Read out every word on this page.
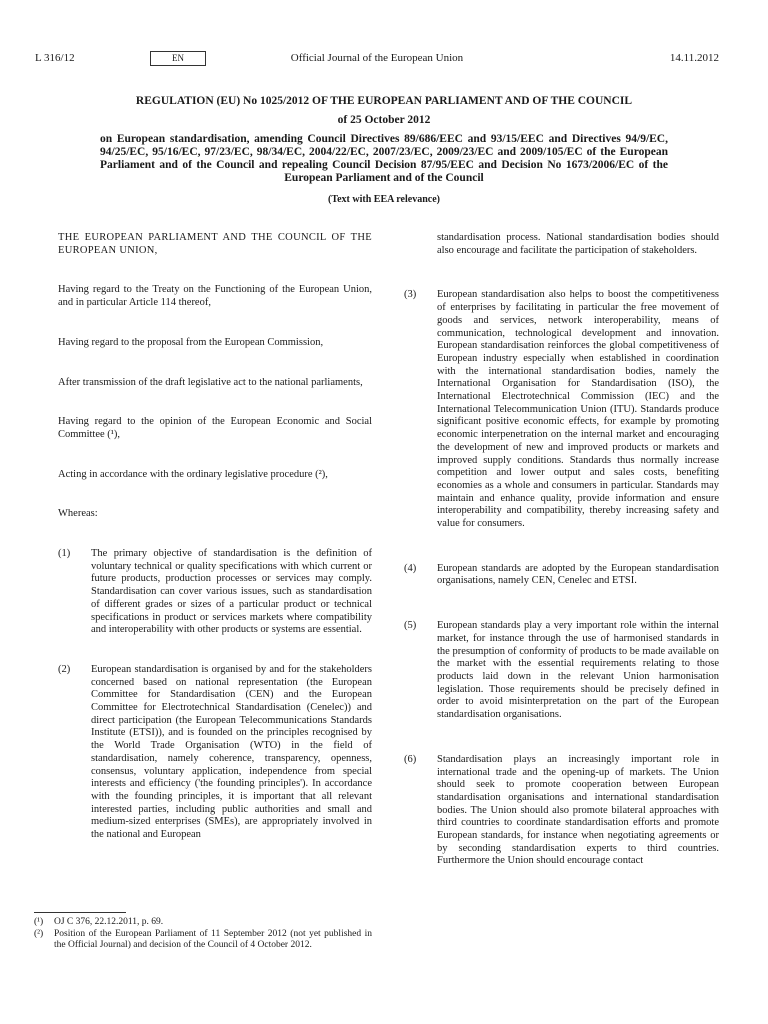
L 316/12	EN	Official Journal of the European Union	14.11.2012

REGULATION (EU) No 1025/2012 OF THE EUROPEAN PARLIAMENT AND OF THE COUNCIL

of 25 October 2012

on European standardisation, amending Council Directives 89/686/EEC and 93/15/EEC and Directives 94/9/EC, 94/25/EC, 95/16/EC, 97/23/EC, 98/34/EC, 2004/22/EC, 2007/23/EC, 2009/23/EC and 2009/105/EC of the European Parliament and of the Council and repealing Council Decision 87/95/EEC and Decision No 1673/2006/EC of the European Parliament and of the Council

(Text with EEA relevance)

THE EUROPEAN PARLIAMENT AND THE COUNCIL OF THE EUROPEAN UNION,

Having regard to the Treaty on the Functioning of the European Union, and in particular Article 114 thereof,

Having regard to the proposal from the European Commission,

After transmission of the draft legislative act to the national parliaments,

Having regard to the opinion of the European Economic and Social Committee (¹),

Acting in accordance with the ordinary legislative procedure (²),

Whereas:

(1)	The primary objective of standardisation is the definition of voluntary technical or quality specifications with which current or future products, production processes or services may comply. Standardisation can cover various issues, such as standardisation of different grades or sizes of a particular product or technical specifications in product or services markets where compatibility and interoperability with other products or systems are essential.
(2)	European standardisation is organised by and for the stakeholders concerned based on national representation (the European Committee for Standardisation (CEN) and the European Committee for Electrotechnical Standardisation (Cenelec)) and direct participation (the European Telecommunications Standards Institute (ETSI)), and is founded on the principles recognised by the World Trade Organisation (WTO) in the field of standardisation, namely coherence, transparency, openness, consensus, voluntary application, independence from special interests and efficiency ('the founding principles'). In accordance with the founding principles, it is important that all relevant interested parties, including public authorities and small and medium-sized enterprises (SMEs), are appropriately involved in the national and European

standardisation process. National standardisation bodies should also encourage and facilitate the participation of stakeholders.

(3)	European standardisation also helps to boost the competitiveness of enterprises by facilitating in particular the free movement of goods and services, network interoperability, means of communication, technological development and innovation. European standardisation reinforces the global competitiveness of European industry especially when established in coordination with the international standardisation bodies, namely the International Organisation for Standardisation (ISO), the International Electrotechnical Commission (IEC) and the International Telecommunication Union (ITU). Standards produce significant positive economic effects, for example by promoting economic interpenetration on the internal market and encouraging the development of new and improved products or markets and improved supply conditions. Standards thus normally increase competition and lower output and sales costs, benefiting economies as a whole and consumers in particular. Standards may maintain and enhance quality, provide information and ensure interoperability and compatibility, thereby increasing safety and value for consumers.
(4)	European standards are adopted by the European standardisation organisations, namely CEN, Cenelec and ETSI.
(5)	European standards play a very important role within the internal market, for instance through the use of harmonised standards in the presumption of conformity of products to be made available on the market with the essential requirements relating to those products laid down in the relevant Union harmonisation legislation. Those requirements should be precisely defined in order to avoid misinterpretation on the part of the European standardisation organisations.
(6)	Standardisation plays an increasingly important role in international trade and the opening-up of markets. The Union should seek to promote cooperation between European standardisation organisations and international standardisation bodies. The Union should also promote bilateral approaches with third countries to coordinate standardisation efforts and promote European standards, for instance when negotiating agreements or by seconding standardisation experts to third countries. Furthermore the Union should encourage contact
(¹)	OJ C 376, 22.12.2011, p. 69.
(²)	Position of the European Parliament of 11 September 2012 (not yet published in the Official Journal) and decision of the Council of 4 October 2012.
